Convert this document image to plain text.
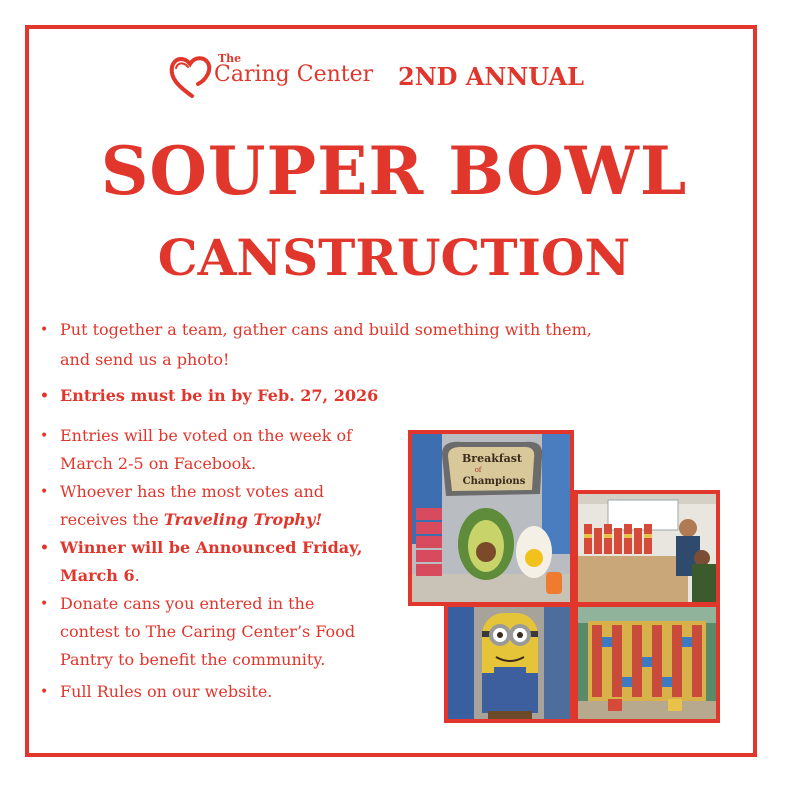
The
Caring Center 2ND ANNUAL
SOUPER BOWL
CANSTRUCTION
• Put together a team, gather cans and build something with them,
and send us a photo!
• Entries must be in by Feb. 27, 2026
• Entries will be voted on the week of
March 2-5 on Facebook.
• Whoever has the most votes and
receives the Traveling Trophy!
• Winner will be Announced Friday,
March 6.
• Donate cans you entered in the
contest to The Caring Center’s Food
Pantry to benefit the community.
• Full Rules on our website.
Breakfast
of
Champions
